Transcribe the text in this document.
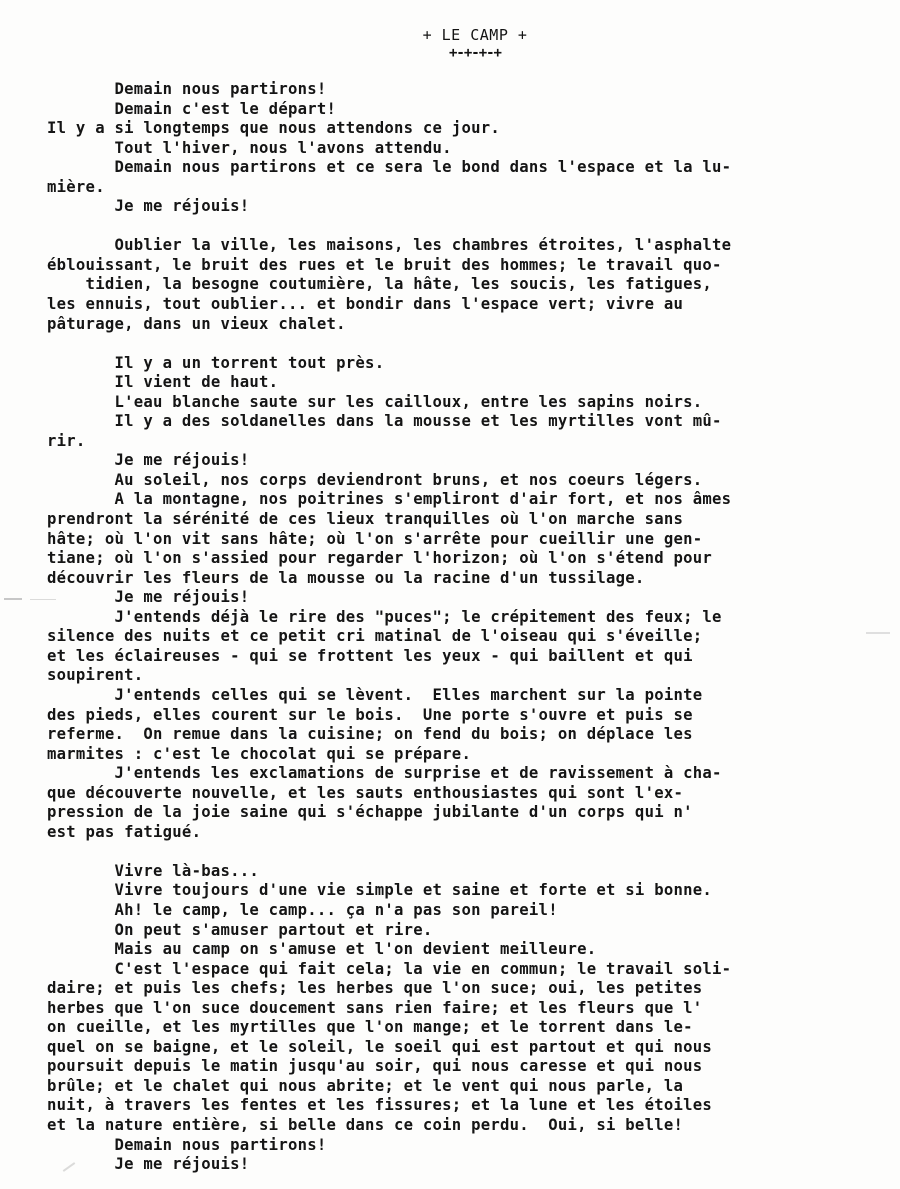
+ LE CAMP +
+-+-+-+
Demain nous partirons!
Demain c'est le départ!
Il y a si longtemps que nous attendons ce jour.
Tout l'hiver, nous l'avons attendu.
Demain nous partirons et ce sera le bond dans l'espace et la lu-
mière.
Je me réjouis!
Oublier la ville, les maisons, les chambres étroites, l'asphalte
éblouissant, le bruit des rues et le bruit des hommes; le travail quo-
tidien, la besogne coutumière, la hâte, les soucis, les fatigues,
les ennuis, tout oublier... et bondir dans l'espace vert; vivre au
pâturage, dans un vieux chalet.
Il y a un torrent tout près.
Il vient de haut.
L'eau blanche saute sur les cailloux, entre les sapins noirs.
Il y a des soldanelles dans la mousse et les myrtilles vont mû-
rir.
Je me réjouis!
Au soleil, nos corps deviendront bruns, et nos coeurs légers.
A la montagne, nos poitrines s'empliront d'air fort, et nos âmes
prendront la sérénité de ces lieux tranquilles où l'on marche sans
hâte; où l'on vit sans hâte; où l'on s'arrête pour cueillir une gen-
tiane; où l'on s'assied pour regarder l'horizon; où l'on s'étend pour
découvrir les fleurs de la mousse ou la racine d'un tussilage.
Je me réjouis!
J'entends déjà le rire des "puces"; le crépitement des feux; le
silence des nuits et ce petit cri matinal de l'oiseau qui s'éveille;
et les éclaireuses - qui se frottent les yeux - qui baillent et qui
soupirent.
J'entends celles qui se lèvent.  Elles marchent sur la pointe
des pieds, elles courent sur le bois.  Une porte s'ouvre et puis se
referme.  On remue dans la cuisine; on fend du bois; on déplace les
marmites : c'est le chocolat qui se prépare.
J'entends les exclamations de surprise et de ravissement à cha-
que découverte nouvelle, et les sauts enthousiastes qui sont l'ex-
pression de la joie saine qui s'échappe jubilante d'un corps qui n'
est pas fatigué.
Vivre là-bas...
Vivre toujours d'une vie simple et saine et forte et si bonne.
Ah! le camp, le camp... ça n'a pas son pareil!
On peut s'amuser partout et rire.
Mais au camp on s'amuse et l'on devient meilleure.
C'est l'espace qui fait cela; la vie en commun; le travail soli-
daire; et puis les chefs; les herbes que l'on suce; oui, les petites
herbes que l'on suce doucement sans rien faire; et les fleurs que l'
on cueille, et les myrtilles que l'on mange; et le torrent dans le-
quel on se baigne, et le soleil, le soeil qui est partout et qui nous
poursuit depuis le matin jusqu'au soir, qui nous caresse et qui nous
brûle; et le chalet qui nous abrite; et le vent qui nous parle, la
nuit, à travers les fentes et les fissures; et la lune et les étoiles
et la nature entière, si belle dans ce coin perdu.  Oui, si belle!
Demain nous partirons!
Je me réjouis!
